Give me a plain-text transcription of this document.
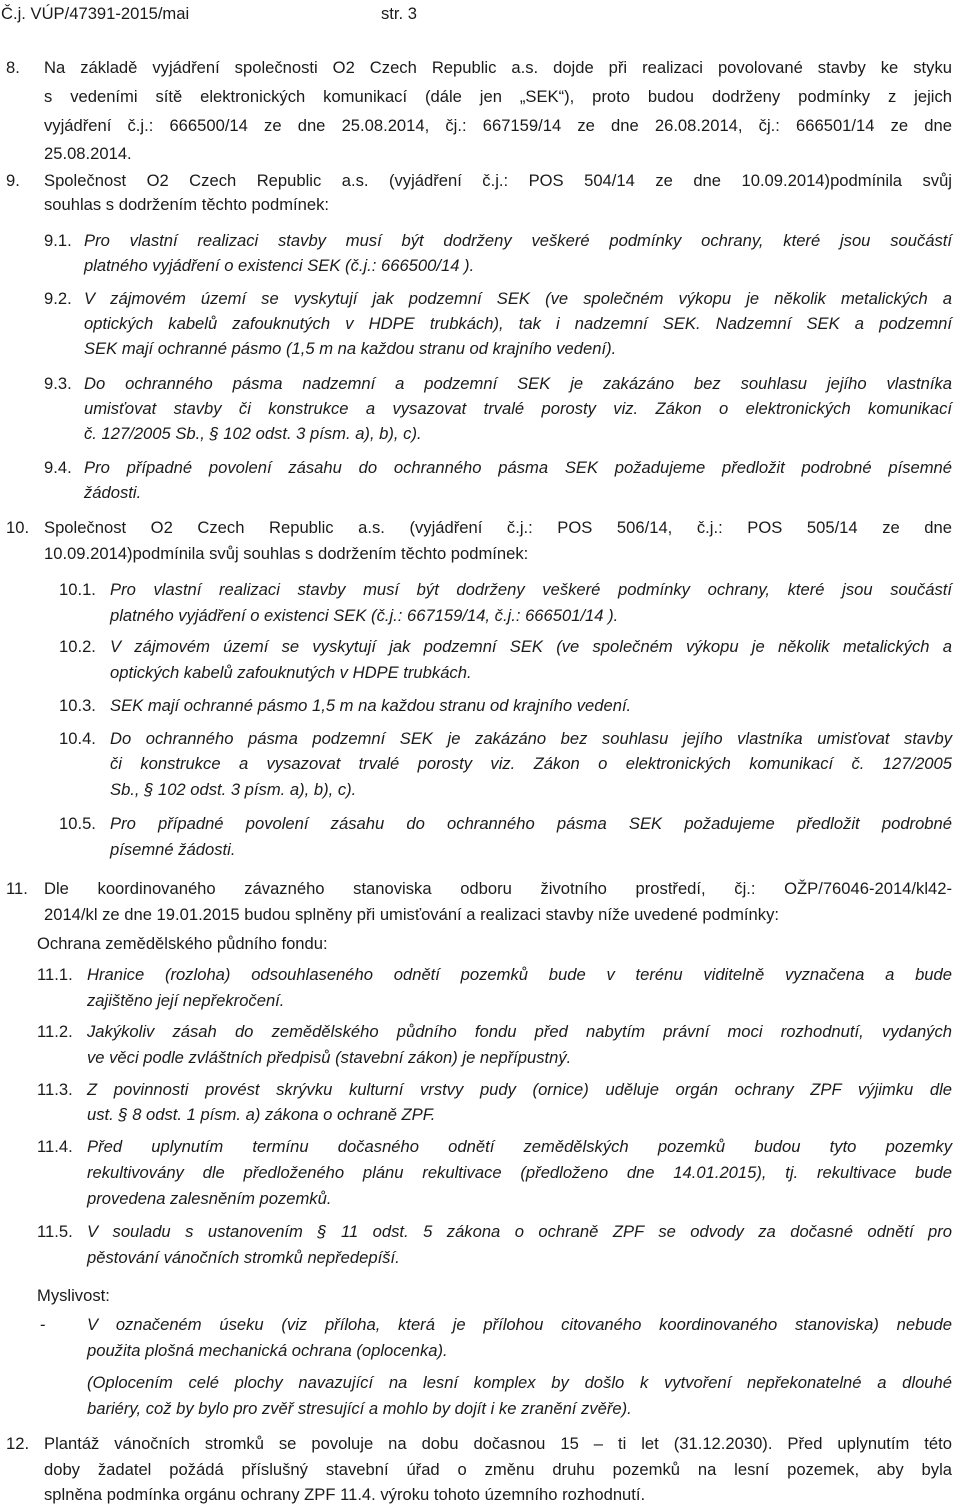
Č.j. VÚP/47391-2015/mai	str. 3
8. Na základě vyjádření společnosti O2 Czech Republic a.s. dojde při realizaci povolované stavby ke styku
s vedeními sítě elektronických komunikací (dále jen „SEK“), proto budou dodrženy podmínky z jejich
vyjádření č.j.: 666500/14 ze dne 25.08.2014, čj.: 667159/14 ze dne 26.08.2014, čj.: 666501/14 ze dne
25.08.2014.
9. Společnost O2 Czech Republic a.s. (vyjádření č.j.: POS 504/14 ze dne 10.09.2014)podmínila svůj
souhlas s dodržením těchto podmínek:
9.1. Pro vlastní realizaci stavby musí být dodrženy veškeré podmínky ochrany, které jsou součástí
platného vyjádření o existenci SEK (č.j.: 666500/14 ).
9.2. V zájmovém území se vyskytují jak podzemní SEK (ve společném výkopu je několik metalických a
optických kabelů zafouknutých v HDPE trubkách), tak i nadzemní SEK. Nadzemní SEK a podzemní
SEK mají ochranné pásmo (1,5 m na každou stranu od krajního vedení).
9.3. Do ochranného pásma nadzemní a podzemní SEK je zakázáno bez souhlasu jejího vlastníka
umisťovat stavby či konstrukce a vysazovat trvalé porosty viz. Zákon o elektronických komunikací
č. 127/2005 Sb., § 102 odst. 3 písm. a), b), c).
9.4. Pro případné povolení zásahu do ochranného pásma SEK požadujeme předložit podrobné písemné
žádosti.
10. Společnost O2 Czech Republic a.s. (vyjádření č.j.: POS 506/14, č.j.: POS 505/14 ze dne
10.09.2014)podmínila svůj souhlas s dodržením těchto podmínek:
10.1. Pro vlastní realizaci stavby musí být dodrženy veškeré podmínky ochrany, které jsou součástí
platného vyjádření o existenci SEK (č.j.: 667159/14, č.j.: 666501/14 ).
10.2. V zájmovém území se vyskytují jak podzemní SEK (ve společném výkopu je několik metalických a
optických kabelů zafouknutých v HDPE trubkách.
10.3. SEK mají ochranné pásmo 1,5 m na každou stranu od krajního vedení.
10.4. Do ochranného pásma podzemní SEK je zakázáno bez souhlasu jejího vlastníka umisťovat stavby
či konstrukce a vysazovat trvalé porosty viz. Zákon o elektronických komunikací č. 127/2005
Sb., § 102 odst. 3 písm. a), b), c).
10.5. Pro případné povolení zásahu do ochranného pásma SEK požadujeme předložit podrobné
písemné žádosti.
11. Dle koordinovaného závazného stanoviska odboru životního prostředí, čj.: OŽP/76046-2014/kl42-
2014/kl ze dne 19.01.2015 budou splněny při umisťování a realizaci stavby níže uvedené podmínky:
Ochrana zemědělského půdního fondu:
11.1. Hranice (rozloha) odsouhlaseného odnětí pozemků bude v terénu viditelně vyznačena a bude
zajištěno její nepřekročení.
11.2. Jakýkoliv zásah do zemědělského půdního fondu před nabytím právní moci rozhodnutí, vydaných
ve věci podle zvláštních předpisů (stavební zákon) je nepřípustný.
11.3. Z povinnosti provést skrývku kulturní vrstvy pudy (ornice) uděluje orgán ochrany ZPF výjimku dle
ust. § 8 odst. 1 písm. a) zákona o ochraně ZPF.
11.4. Před uplynutím termínu dočasného odnětí zemědělských pozemků budou tyto pozemky
rekultivovány dle předloženého plánu rekultivace (předloženo dne 14.01.2015), tj. rekultivace bude
provedena zalesněním pozemků.
11.5. V souladu s ustanovením § 11 odst. 5 zákona o ochraně ZPF se odvody za dočasné odnětí pro
pěstování vánočních stromků nepředepíší.
Myslivost:
- V označeném úseku (viz příloha, která je přílohou citovaného koordinovaného stanoviska) nebude
použita plošná mechanická ochrana (oplocenka).
(Oplocením celé plochy navazující na lesní komplex by došlo k vytvoření nepřekonatelné a dlouhé
bariéry, což by bylo pro zvěř stresující a mohlo by dojít i ke zranění zvěře).
12. Plantáž vánočních stromků se povoluje na dobu dočasnou 15 – ti let (31.12.2030). Před uplynutím této
doby žadatel požádá příslušný stavební úřad o změnu druhu pozemků na lesní pozemek, aby byla
splněna podmínka orgánu ochrany ZPF 11.4. výroku tohoto územního rozhodnutí.
